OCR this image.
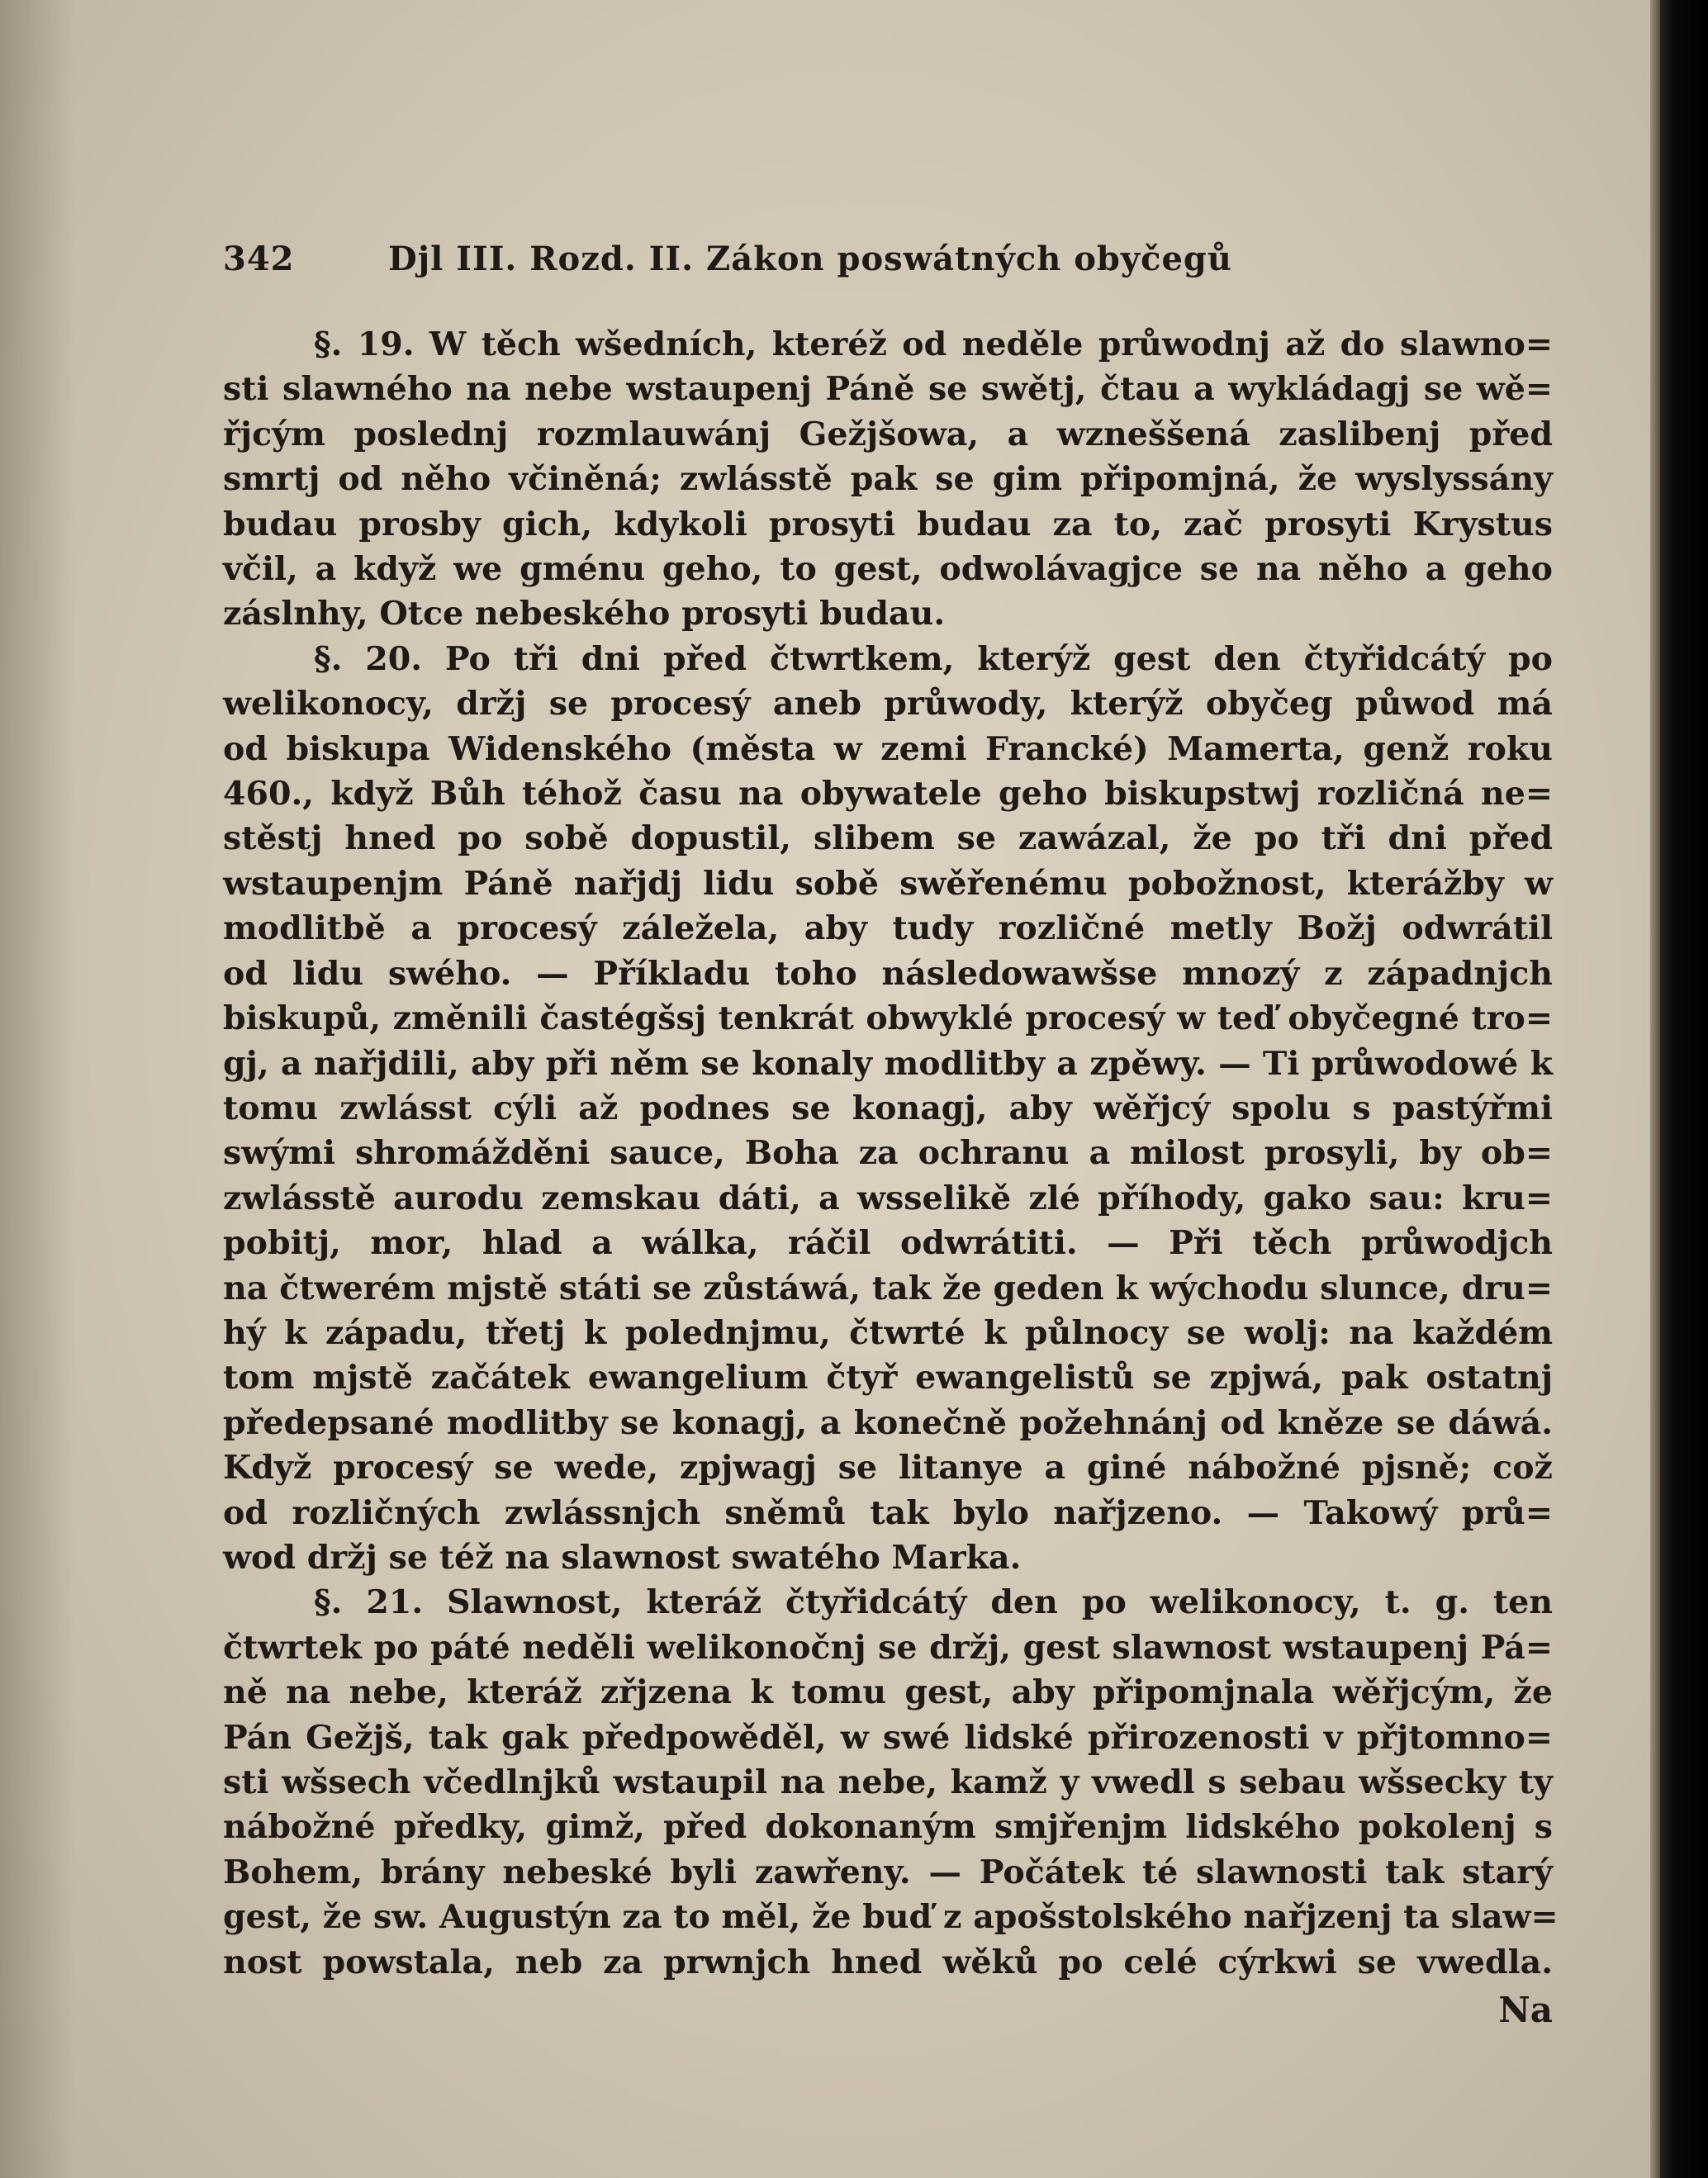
342	Djl III. Rozd. II. Zákon poswátných obyčegů
§. 19. W těch wšedních, kteréž od neděle průwodnj až do slawno=
sti slawného na nebe wstaupenj Páně se swětj, čtau a wykládagj se wě=
řjcým poslednj rozmlauwánj Gežjšowa, a wzneššená zaslibenj před
smrtj od něho včiněná; zwlásstě pak se gim připomjná, že wyslyssány
budau prosby gich, kdykoli prosyti budau za to, zač prosyti Krystus
včil, a když we gménu geho, to gest, odwolávagjce se na něho a geho
záslnhy, Otce nebeského prosyti budau.
§. 20. Po tři dni před čtwrtkem, kterýž gest den čtyřidcátý po
welikonocy, držj se procesý aneb průwody, kterýž obyčeg půwod má
od biskupa Widenského (města w zemi Francké) Mamerta, genž roku
460., když Bůh téhož času na obywatele geho biskupstwj rozličná ne=
stěstj hned po sobě dopustil, slibem se zawázal, že po tři dni před
wstaupenjm Páně nařjdj lidu sobě swěřenému pobožnost, kterážby w
modlitbě a procesý záležela, aby tudy rozličné metly Božj odwrátil
od lidu swého. — Příkladu toho následowawšse mnozý z západnjch
biskupů, změnili častégšsj tenkrát obwyklé procesý w teď obyčegné tro=
gj, a nařjdili, aby při něm se konaly modlitby a zpěwy. — Ti průwodowé k
tomu zwlásst cýli až podnes se konagj, aby wěřjcý spolu s pastýřmi
swými shromážděni sauce, Boha za ochranu a milost prosyli, by ob=
zwlásstě aurodu zemskau dáti, a wsselikě zlé příhody, gako sau: kru=
pobitj, mor, hlad a wálka, ráčil odwrátiti. — Při těch průwodjch
na čtwerém mjstě státi se zůstáwá, tak že geden k wýchodu slunce, dru=
hý k západu, třetj k polednjmu, čtwrté k půlnocy se wolj: na každém
tom mjstě začátek ewangelium čtyř ewangelistů se zpjwá, pak ostatnj
předepsané modlitby se konagj, a konečně požehnánj od kněze se dáwá.
Když procesý se wede, zpjwagj se litanye a giné nábožné pjsně; což
od rozličných zwlássnjch sněmů tak bylo nařjzeno. — Takowý prů=
wod držj se též na slawnost swatého Marka.
§. 21. Slawnost, kteráž čtyřidcátý den po welikonocy, t. g. ten
čtwrtek po páté neděli welikonočnj se držj, gest slawnost wstaupenj Pá=
ně na nebe, kteráž zřjzena k tomu gest, aby připomjnala wěřjcým, že
Pán Gežjš, tak gak předpowěděl, w swé lidské přirozenosti v přjtomno=
sti wšsech včedlnjků wstaupil na nebe, kamž y vwedl s sebau wšsecky ty
nábožné předky, gimž, před dokonaným smjřenjm lidského pokolenj s
Bohem, brány nebeské byli zawřeny. — Počátek té slawnosti tak starý
gest, že sw. Augustýn za to měl, že buď z apošstolského nařjzenj ta slaw=
nost powstala, neb za prwnjch hned wěků po celé cýrkwi se vwedla.
Na
